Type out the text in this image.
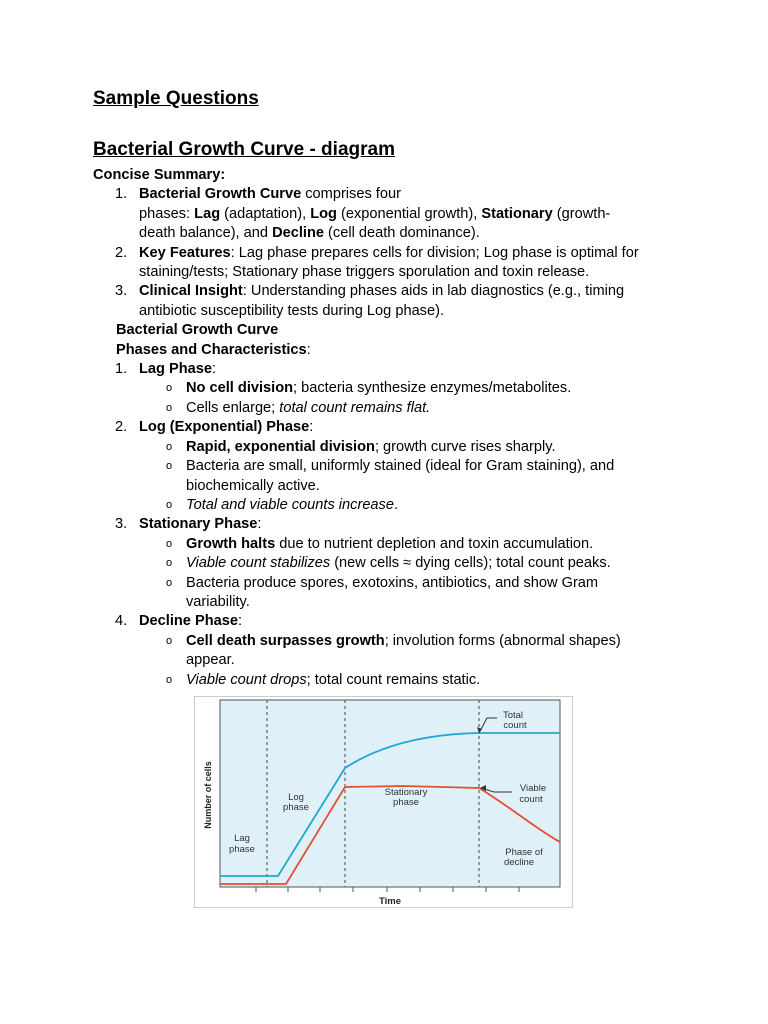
Sample Questions
Bacterial Growth Curve - diagram

Concise Summary:

1. Bacterial Growth Curve comprises four
phases: Lag (adaptation), Log (exponential growth), Stationary (growth-
death balance), and Decline (cell death dominance).
2. Key Features: Lag phase prepares cells for division; Log phase is optimal for
staining/tests; Stationary phase triggers sporulation and toxin release.
3. Clinical Insight: Understanding phases aids in lab diagnostics (e.g., timing
antibiotic susceptibility tests during Log phase).

Bacterial Growth Curve

Phases and Characteristics:

1. Lag Phase:
o No cell division; bacteria synthesize enzymes/metabolites.
o Cells enlarge; total count remains flat.
2. Log (Exponential) Phase:
o Rapid, exponential division; growth curve rises sharply.
o Bacteria are small, uniformly stained (ideal for Gram staining), and
biochemically active.
o Total and viable counts increase.
3. Stationary Phase:
o Growth halts due to nutrient depletion and toxin accumulation.
o Viable count stabilizes (new cells ≈ dying cells); total count peaks.
o Bacteria produce spores, exotoxins, antibiotics, and show Gram
variability.
4. Decline Phase:
o Cell death surpasses growth; involution forms (abnormal shapes)
appear.
o Viable count drops; total count remains static.
Number of cells
Time
Lag
phase
Log
phase
Stationary
phase
Phase of
decline
Total
count
Viable
count
